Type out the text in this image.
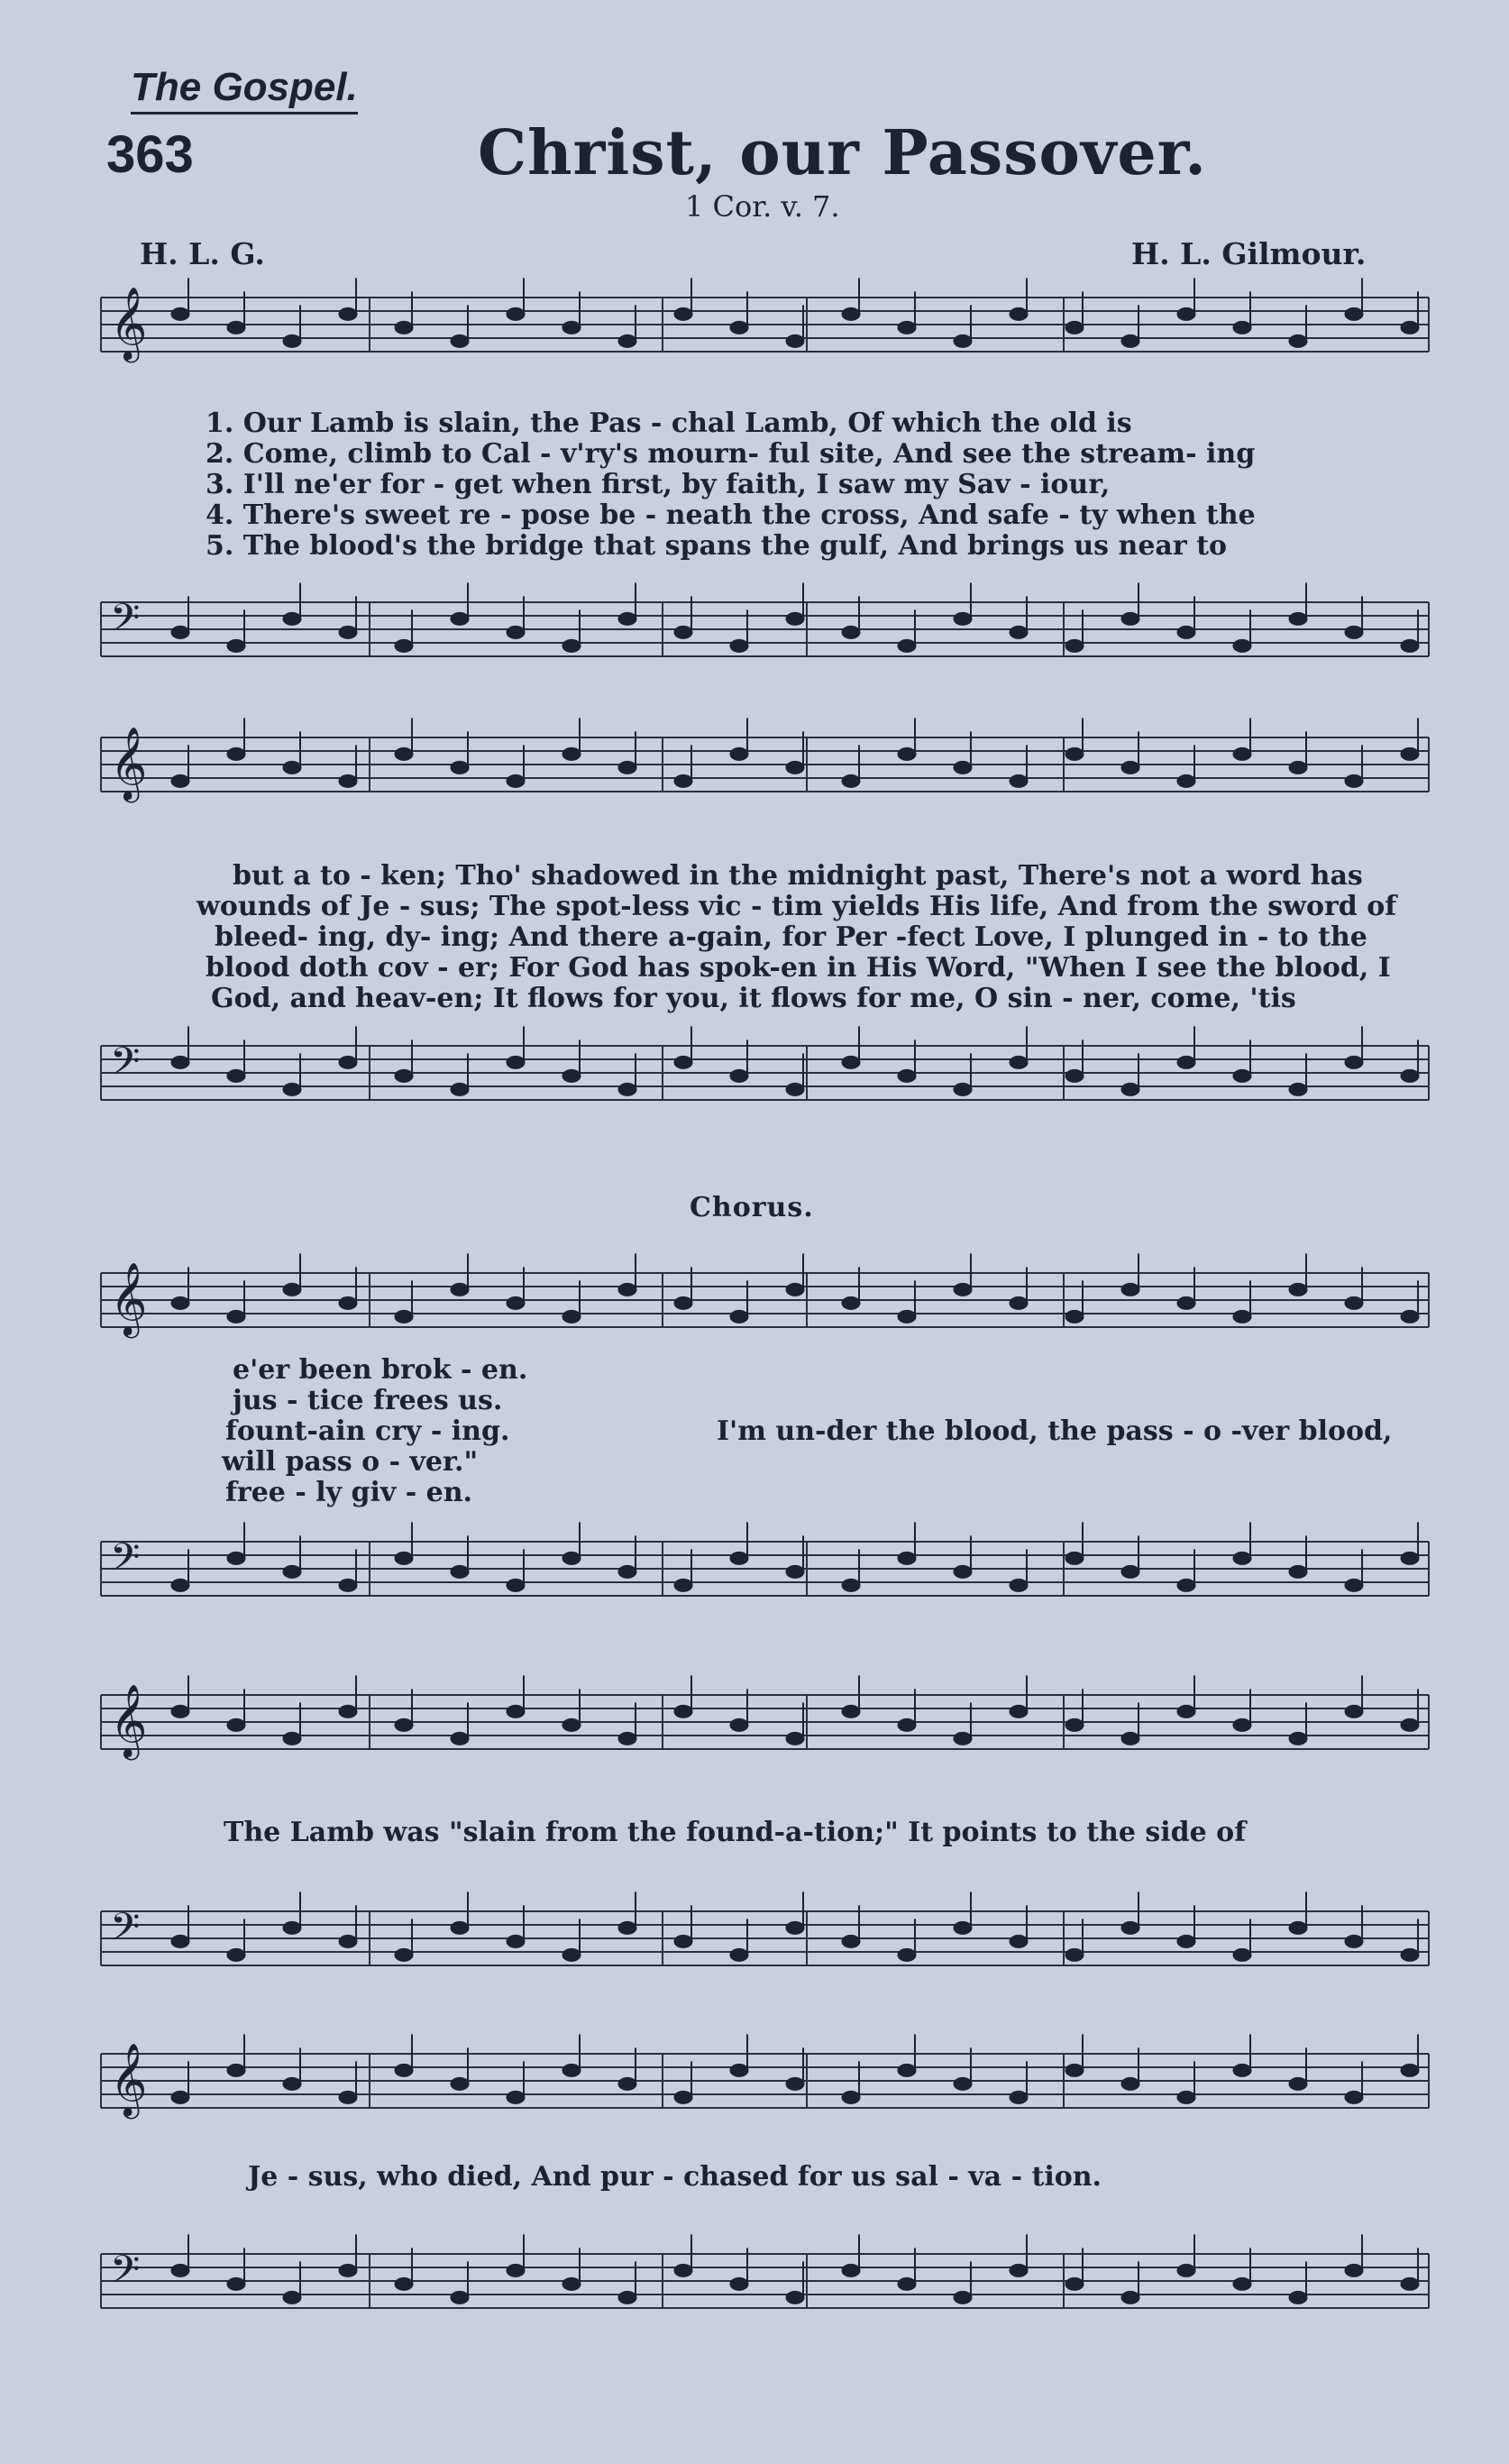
The Gospel.
363	Christ, our Passover.
1 Cor. v. 7.
H. L. G.	H. L. Gilmour.
𝄞
𝄢
𝄞
𝄢
𝄞
𝄢
𝄞
𝄢
𝄞
𝄢
1. Our Lamb is slain, the Pas - chal Lamb, Of which the old is
2. Come, climb to Cal - v'ry's mourn- ful site, And see the stream- ing
3. I'll ne'er for - get when first, by faith, I saw my Sav - iour,
4. There's sweet re - pose be - neath the cross, And safe - ty when the
5. The blood's the bridge that spans the gulf, And brings us near to
but a to - ken; Tho' shadowed in the midnight past, There's not a word has
wounds of Je - sus; The spot-less vic - tim yields His life, And from the sword of
bleed- ing, dy- ing; And there a-gain, for Per -fect Love, I plunged in - to the
blood doth cov - er; For God has spok-en in His Word, "When I see the blood, I
God, and heav-en; It flows for you, it flows for me, O sin - ner, come, 'tis
Chorus.
e'er been brok - en.
jus - tice frees us.
fount-ain cry - ing.
will pass o - ver."
free - ly giv - en.
I'm un-der the blood, the pass - o -ver blood,
The Lamb was "slain from the found-a-tion;" It points to the side of
Je - sus, who died, And pur - chased for us sal - va - tion.
